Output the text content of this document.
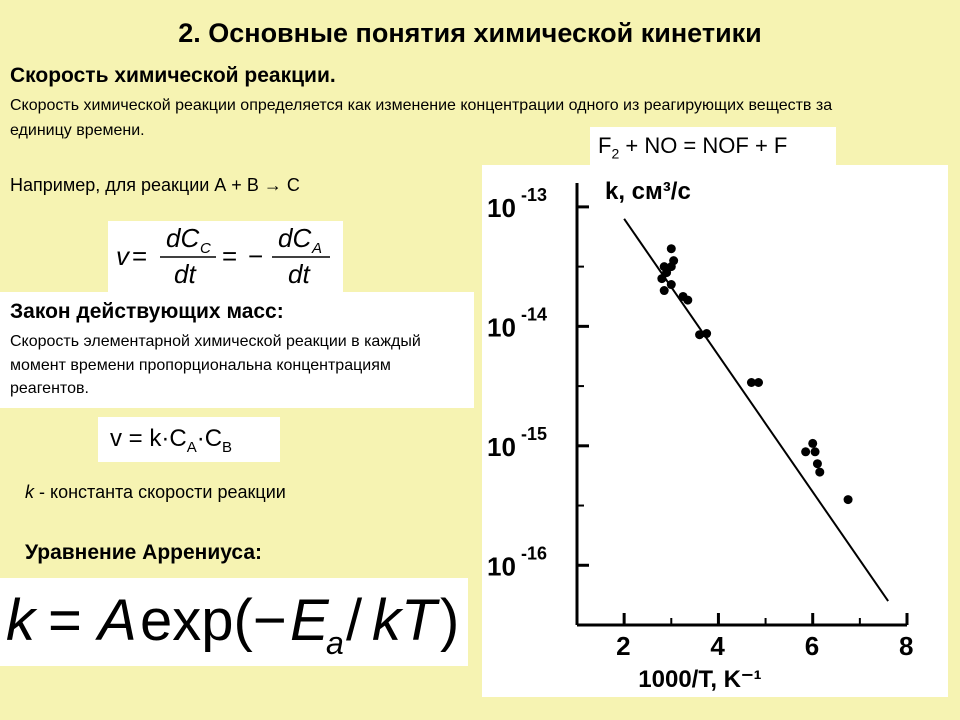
2. Основные понятия химической кинетики
Скорость химической реакции.
Скорость химической реакции определяется как изменение концентрации одного из реагирующих веществ за единицу времени.
Например, для реакции А + В → С
v =
dC C
dt
= −
dC A
dt
Закон действующих масс:
Скорость элементарной химической реакции в каждый момент времени пропорциональна концентрациям реагентов.
$v = k\cdot C_A\cdot C_B$
k - константа скорости реакции
Уравнение Аррениуса:
k = A exp(− E
a / kT )
$F_2$ + NO = NOF + F
10 -13
10 -14
10 -15
10 -16
2	4	6	8
k, см³/с
1000/T, K⁻¹
